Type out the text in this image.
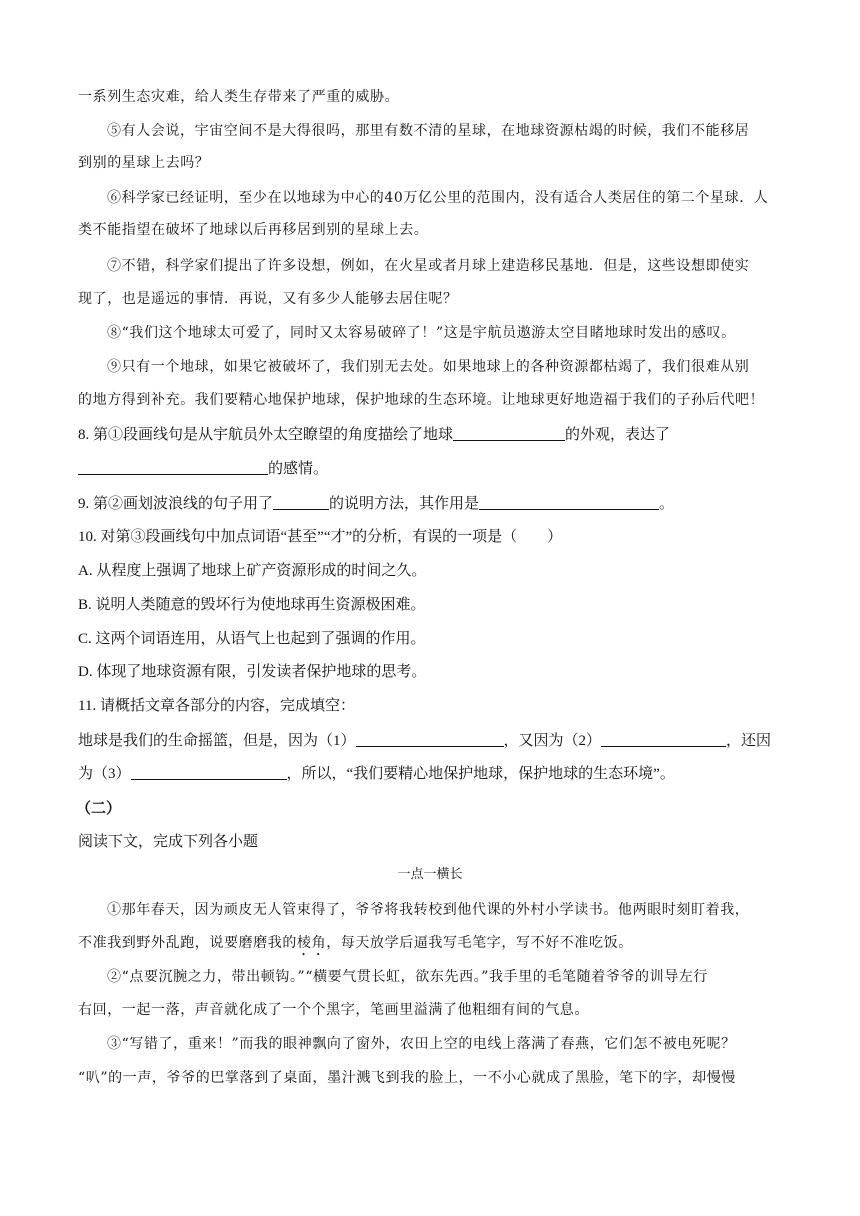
一系列生态灾难，给人类生存带来了严重的威胁。
⑤有人会说，宇宙空间不是大得很吗，那里有数不清的星球，在地球资源枯竭的时候，我们不能移居
到别的星球上去吗？
⑥科学家已经证明，至少在以地球为中心的40万亿公里的范围内，没有适合人类居住的第二个星球．人
类不能指望在破坏了地球以后再移居到别的星球上去。
⑦不错，科学家们提出了许多设想，例如，在火星或者月球上建造移民基地．但是，这些设想即使实
现了，也是遥远的事情．再说，又有多少人能够去居住呢？
⑧“我们这个地球太可爱了，同时又太容易破碎了！”这是宇航员遨游太空目睹地球时发出的感叹。
⑨只有一个地球，如果它被破坏了，我们别无去处。如果地球上的各种资源都枯竭了，我们很难从别
的地方得到补充。我们要精心地保护地球，保护地球的生态环境。让地球更好地造福于我们的子孙后代吧！
8. 第①段画线句是从宇航员外太空瞭望的角度描绘了地球	的外观，表达了
的感情。
9. 第②画划波浪线的句子用了	的说明方法，其作用是	。
10. 对第③段画线句中加点词语“甚至”“才”的分析，有误的一项是（　　）
A. 从程度上强调了地球上矿产资源形成的时间之久。
B. 说明人类随意的毁坏行为使地球再生资源极困难。
C. 这两个词语连用，从语气上也起到了强调的作用。
D. 体现了地球资源有限，引发读者保护地球的思考。
11. 请概括文章各部分的内容，完成填空：
地球是我们的生命摇篮，但是，因为（1）	，又因为（2）	，还因
为（3）	，所以，“我们要精心地保护地球，保护地球的生态环境”。
（二）
阅读下文，完成下列各小题
一点一横长
①那年春天，因为顽皮无人管束得了，爷爷将我转校到他代课的外村小学读书。他两眼时刻盯着我，
不准我到野外乱跑，说要磨磨我的棱角，每天放学后逼我写毛笔字，写不好不准吃饭。
②“点要沉腕之力，带出顿钩。”“横要气贯长虹，欲东先西。”我手里的毛笔随着爷爷的训导左行
右回，一起一落，声音就化成了一个个黑字，笔画里溢满了他粗细有间的气息。
③“写错了，重来！”而我的眼神飘向了窗外，农田上空的电线上落满了春燕，它们怎不被电死呢？
“叭”的一声，爷爷的巴掌落到了桌面，墨汁溅飞到我的脸上，一不小心就成了黑脸，笔下的字，却慢慢
